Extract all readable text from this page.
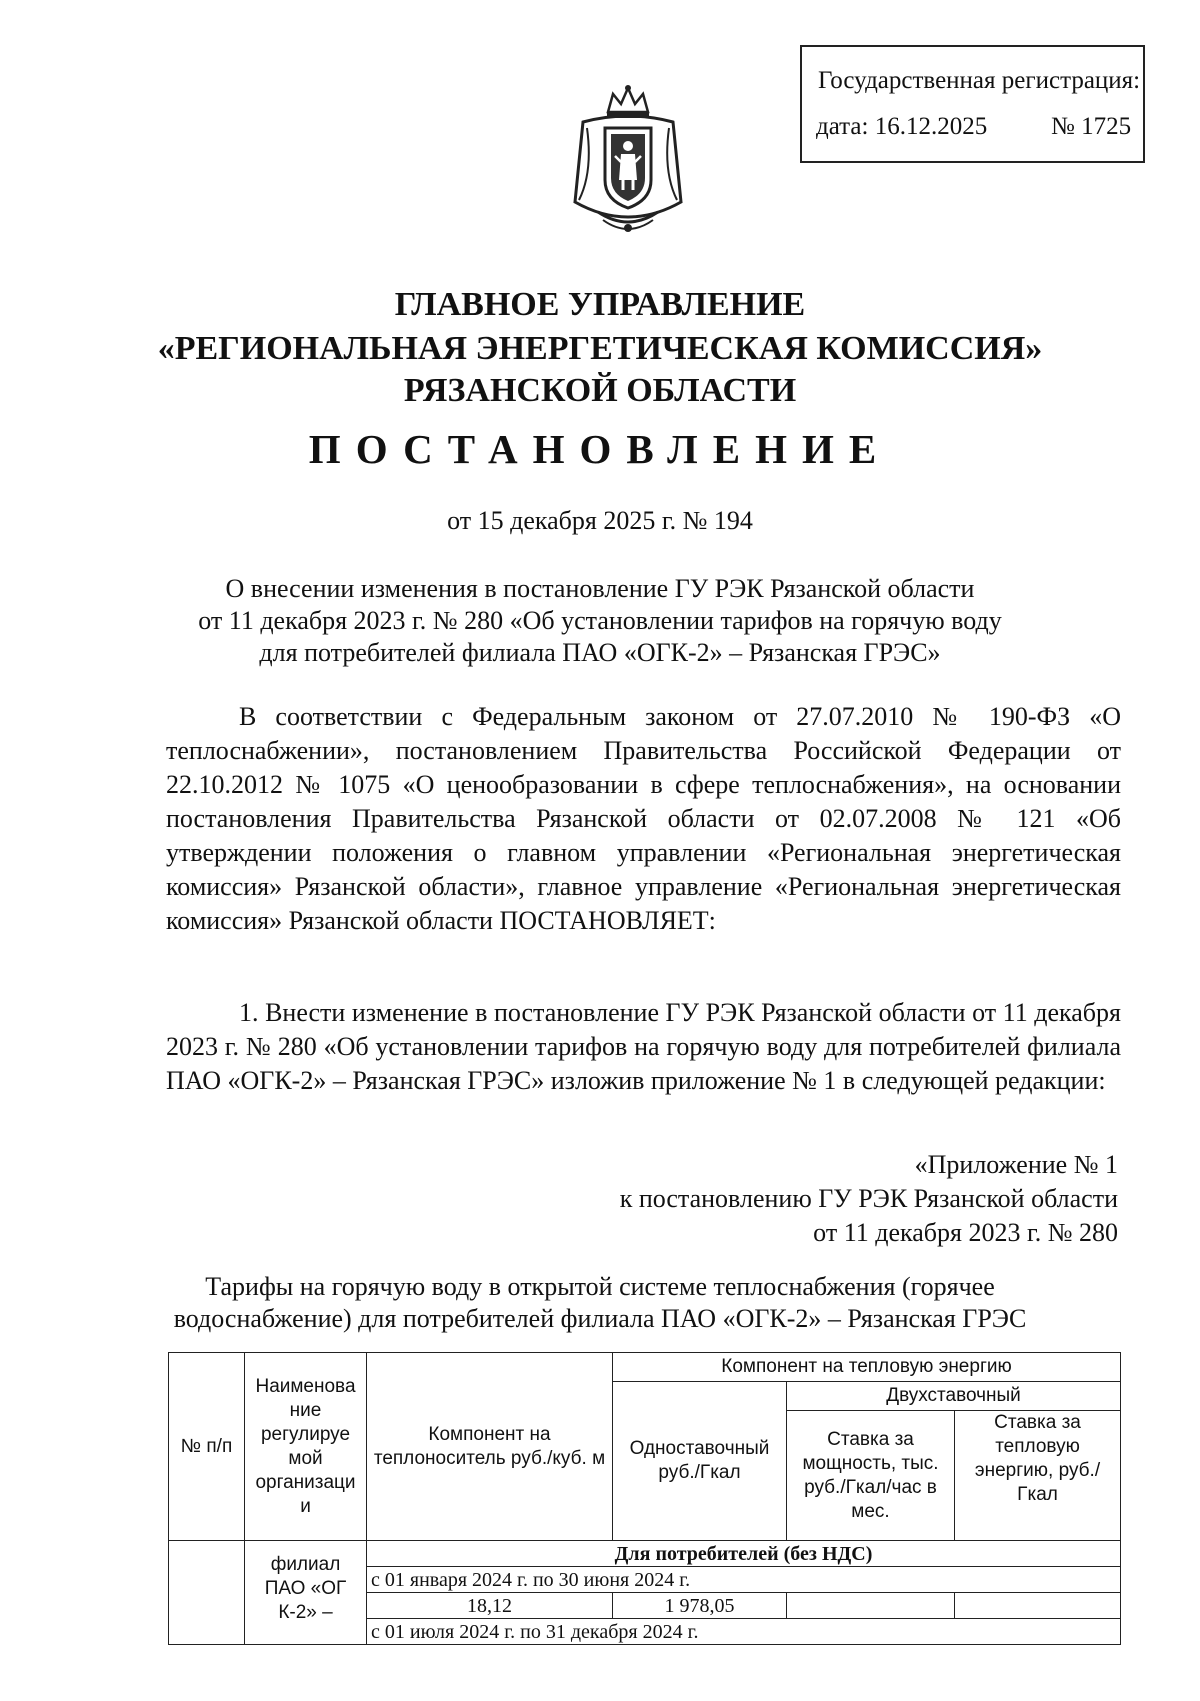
Государственная регистрация:
дата: 16.12.2025	№ 1725
ГЛАВНОЕ УПРАВЛЕНИЕ
«РЕГИОНАЛЬНАЯ ЭНЕРГЕТИЧЕСКАЯ КОМИССИЯ»
РЯЗАНСКОЙ ОБЛАСТИ
ПОСТАНОВЛЕНИЕ
от 15 декабря 2025 г. № 194
О внесении изменения в постановление ГУ РЭК Рязанской области
от 11 декабря 2023 г. № 280 «Об установлении тарифов на горячую воду
для потребителей филиала ПАО «ОГК-2» – Рязанская ГРЭС»
В соответствии с Федеральным законом от 27.07.2010 № 190-ФЗ «О теплоснабжении», постановлением Правительства Российской Федерации от 22.10.2012 № 1075 «О ценообразовании в сфере теплоснабжения», на основании постановления Правительства Рязанской области от 02.07.2008 № 121 «Об утверждении положения о главном управлении «Региональная энергетическая комиссия» Рязанской области», главное управление «Региональная энергетическая комиссия» Рязанской области ПОСТАНОВЛЯЕТ:
1. Внести изменение в постановление ГУ РЭК Рязанской области от 11 декабря 2023 г. № 280 «Об установлении тарифов на горячую воду для потребителей филиала ПАО «ОГК-2» – Рязанская ГРЭС» изложив приложение № 1 в следующей редакции:
«Приложение № 1
к постановлению ГУ РЭК Рязанской области
от 11 декабря 2023 г. № 280
Тарифы на горячую воду в открытой системе теплоснабжения (горячее
водоснабжение) для потребителей филиала ПАО «ОГК-2» – Рязанская ГРЭС
№ п/п	Наименова ние регулируе мой организаци и	Компонент на теплоноситель руб./куб. м	Компонент на тепловую энергию		
			Одноставочный руб./Гкал	Двухставочный	
				Ставка за мощность, тыс. руб./Гкал/час в мес.	Ставка за тепловую энергию, руб./Гкал
	филиал ПАО «ОГ К-2» –	Для потребителей (без НДС)			
		с 01 января 2024 г. по 30 июня 2024 г.			
		18,12	1 978,05		
		с 01 июля 2024 г. по 31 декабря 2024 г.			
